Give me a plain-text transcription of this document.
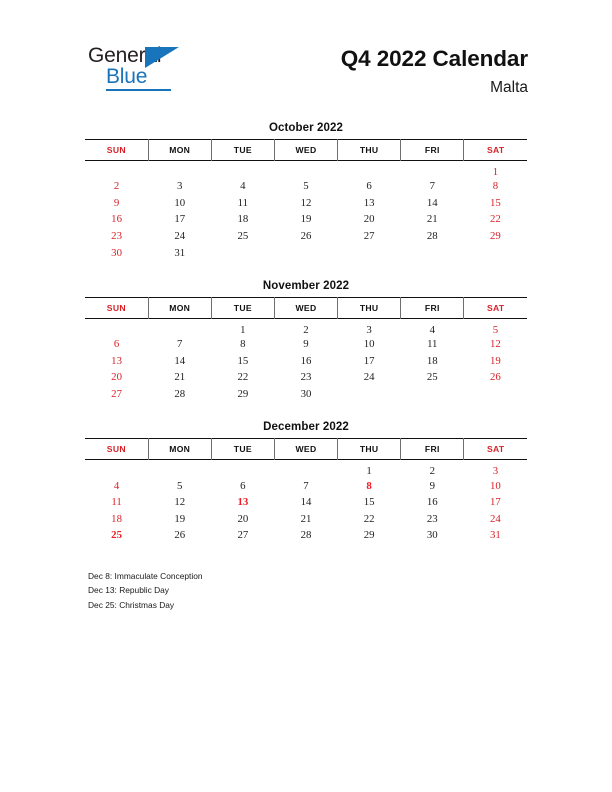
General
Blue
Q4 2022 Calendar
Malta
October 2022
SUN	MON	TUE	WED	THU	FRI	SAT
						1
2	3	4	5	6	7	8
9	10	11	12	13	14	15
16	17	18	19	20	21	22
23	24	25	26	27	28	29
30	31					
November 2022
SUN	MON	TUE	WED	THU	FRI	SAT
		1	2	3	4	5
6	7	8	9	10	11	12
13	14	15	16	17	18	19
20	21	22	23	24	25	26
27	28	29	30			
December 2022
SUN	MON	TUE	WED	THU	FRI	SAT
				1	2	3
4	5	6	7	8	9	10
11	12	13	14	15	16	17
18	19	20	21	22	23	24
25	26	27	28	29	30	31
Dec 8: Immaculate Conception
Dec 13: Republic Day
Dec 25: Christmas Day
